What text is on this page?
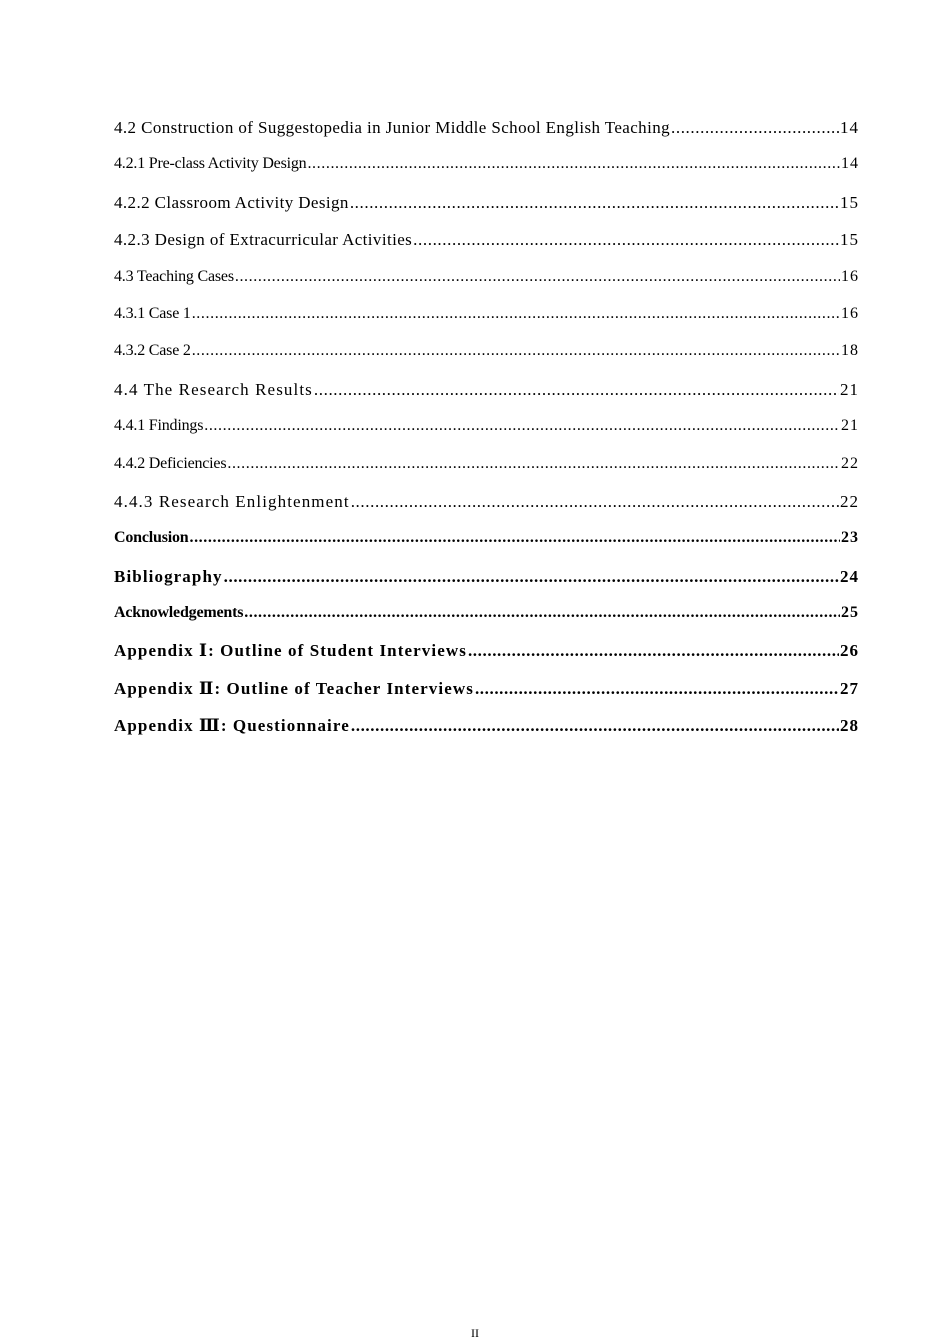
4.2 Construction of Suggestopedia in Junior Middle School English Teaching .....	14
4.2.1 Pre-class Activity Design .....	14
4.2.2 Classroom Activity Design .....	15
4.2.3 Design of Extracurricular Activities .....	15
4.3 Teaching Cases .....	16
4.3.1 Case 1 .....	16
4.3.2 Case 2 .....	18
4.4 The Research Results .....	21
4.4.1 Findings .....	21
4.4.2 Deficiencies .....	22
4.4.3 Research Enlightenment .....	22
Conclusion .....	23
Bibliography .....	24
Acknowledgements .....	25
Appendix Ⅰ: Outline of Student Interviews .....	26
Appendix Ⅱ: Outline of Teacher Interviews .....	27
Appendix Ⅲ: Questionnaire .....	28
II
